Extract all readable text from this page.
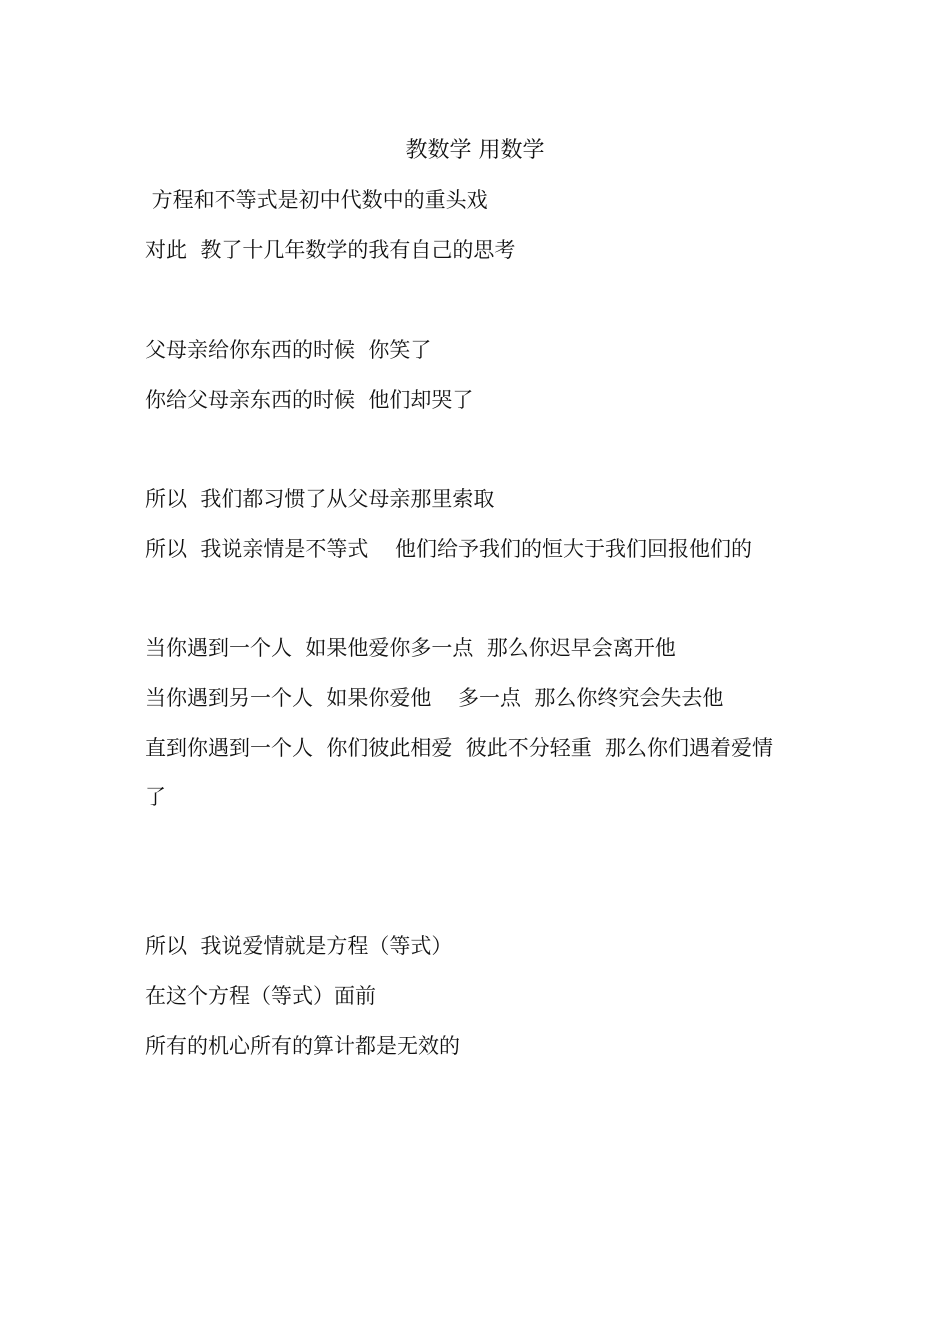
教数学 用数学
方程和不等式是初中代数中的重头戏
对此  教了十几年数学的我有自己的思考
父母亲给你东西的时候  你笑了
你给父母亲东西的时候  他们却哭了
所以  我们都习惯了从父母亲那里索取
所以  我说亲情是不等式    他们给予我们的恒大于我们回报他们的
当你遇到一个人  如果他爱你多一点  那么你迟早会离开他
当你遇到另一个人  如果你爱他    多一点  那么你终究会失去他
直到你遇到一个人  你们彼此相爱  彼此不分轻重  那么你们遇着爱情
了
所以  我说爱情就是方程（等式）
在这个方程（等式）面前
所有的机心所有的算计都是无效的
